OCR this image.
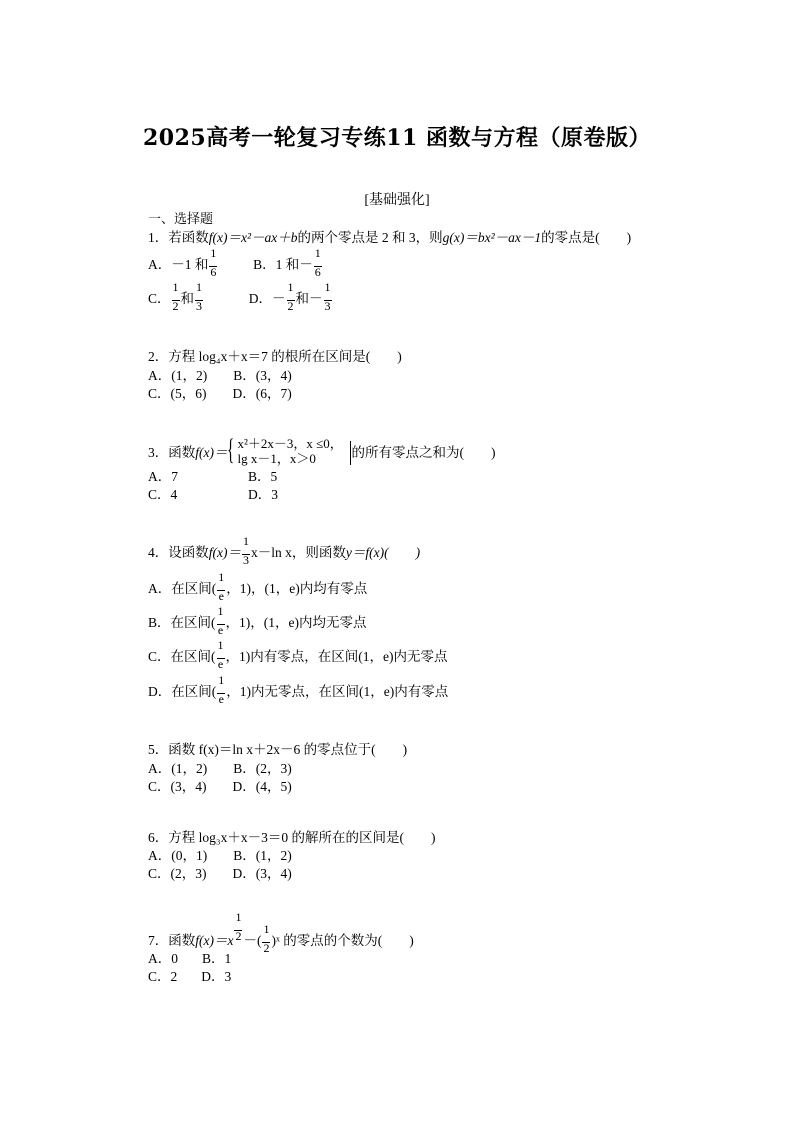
2025高考一轮复习专练11 函数与方程（原卷版）
[基础强化]
一、选择题
1．若函数f(x)＝x²－ax＋b的两个零点是 2 和 3，则g(x)＝bx²－ax－1的零点是(　　)
A．－1 和 $\frac{1}{6}$	B．1 和－ $\frac{1}{6}$
C． $\frac{1}{2}$ 和 $\frac{1}{3}$	D．－ $\frac{1}{2}$ 和－ $\frac{1}{3}$
2．方程 log₄x＋x＝7 的根所在区间是(　　)
A．(1，2) B．(3，4)
C．(5，6) D．(6，7)
3．函数f(x)＝ { x²＋2x－3，x ≤0，
lg x－1，x＞0	的所有零点之和为(　　)
A．7	B．5
C．4	D．3
4．设函数$f(x)= \frac{1}{3} x-\ln$ x，则函数y＝f(x)(　　)
A．在区间( $\frac{1}{e}$ ，1)，(1，e)内均有零点
B．在区间( $\frac{1}{e}$ ，1)，(1，e)内均无零点
C．在区间( $\frac{1}{e}$ ，1)内有零点，在区间(1，e)内无零点
D．在区间( $\frac{1}{e}$ ，1)内无零点，在区间(1，e)内有零点
5．函数 f(x)＝ln x＋2x－6 的零点位于(　　)
A．(1，2) B．(2，3)
C．(3，4) D．(4，5)
6．方程 log₃x＋x－3＝0 的解所在的区间是(　　)
A．(0，1) B．(1，2)
C．(2，3) D．(3，4)
7．函数f(x)＝x
$\frac{1}{2}$
－( $\frac{1}{2}$ )ˣ 的零点的个数为(　　)
A．0 B．1
C．2 D．3
